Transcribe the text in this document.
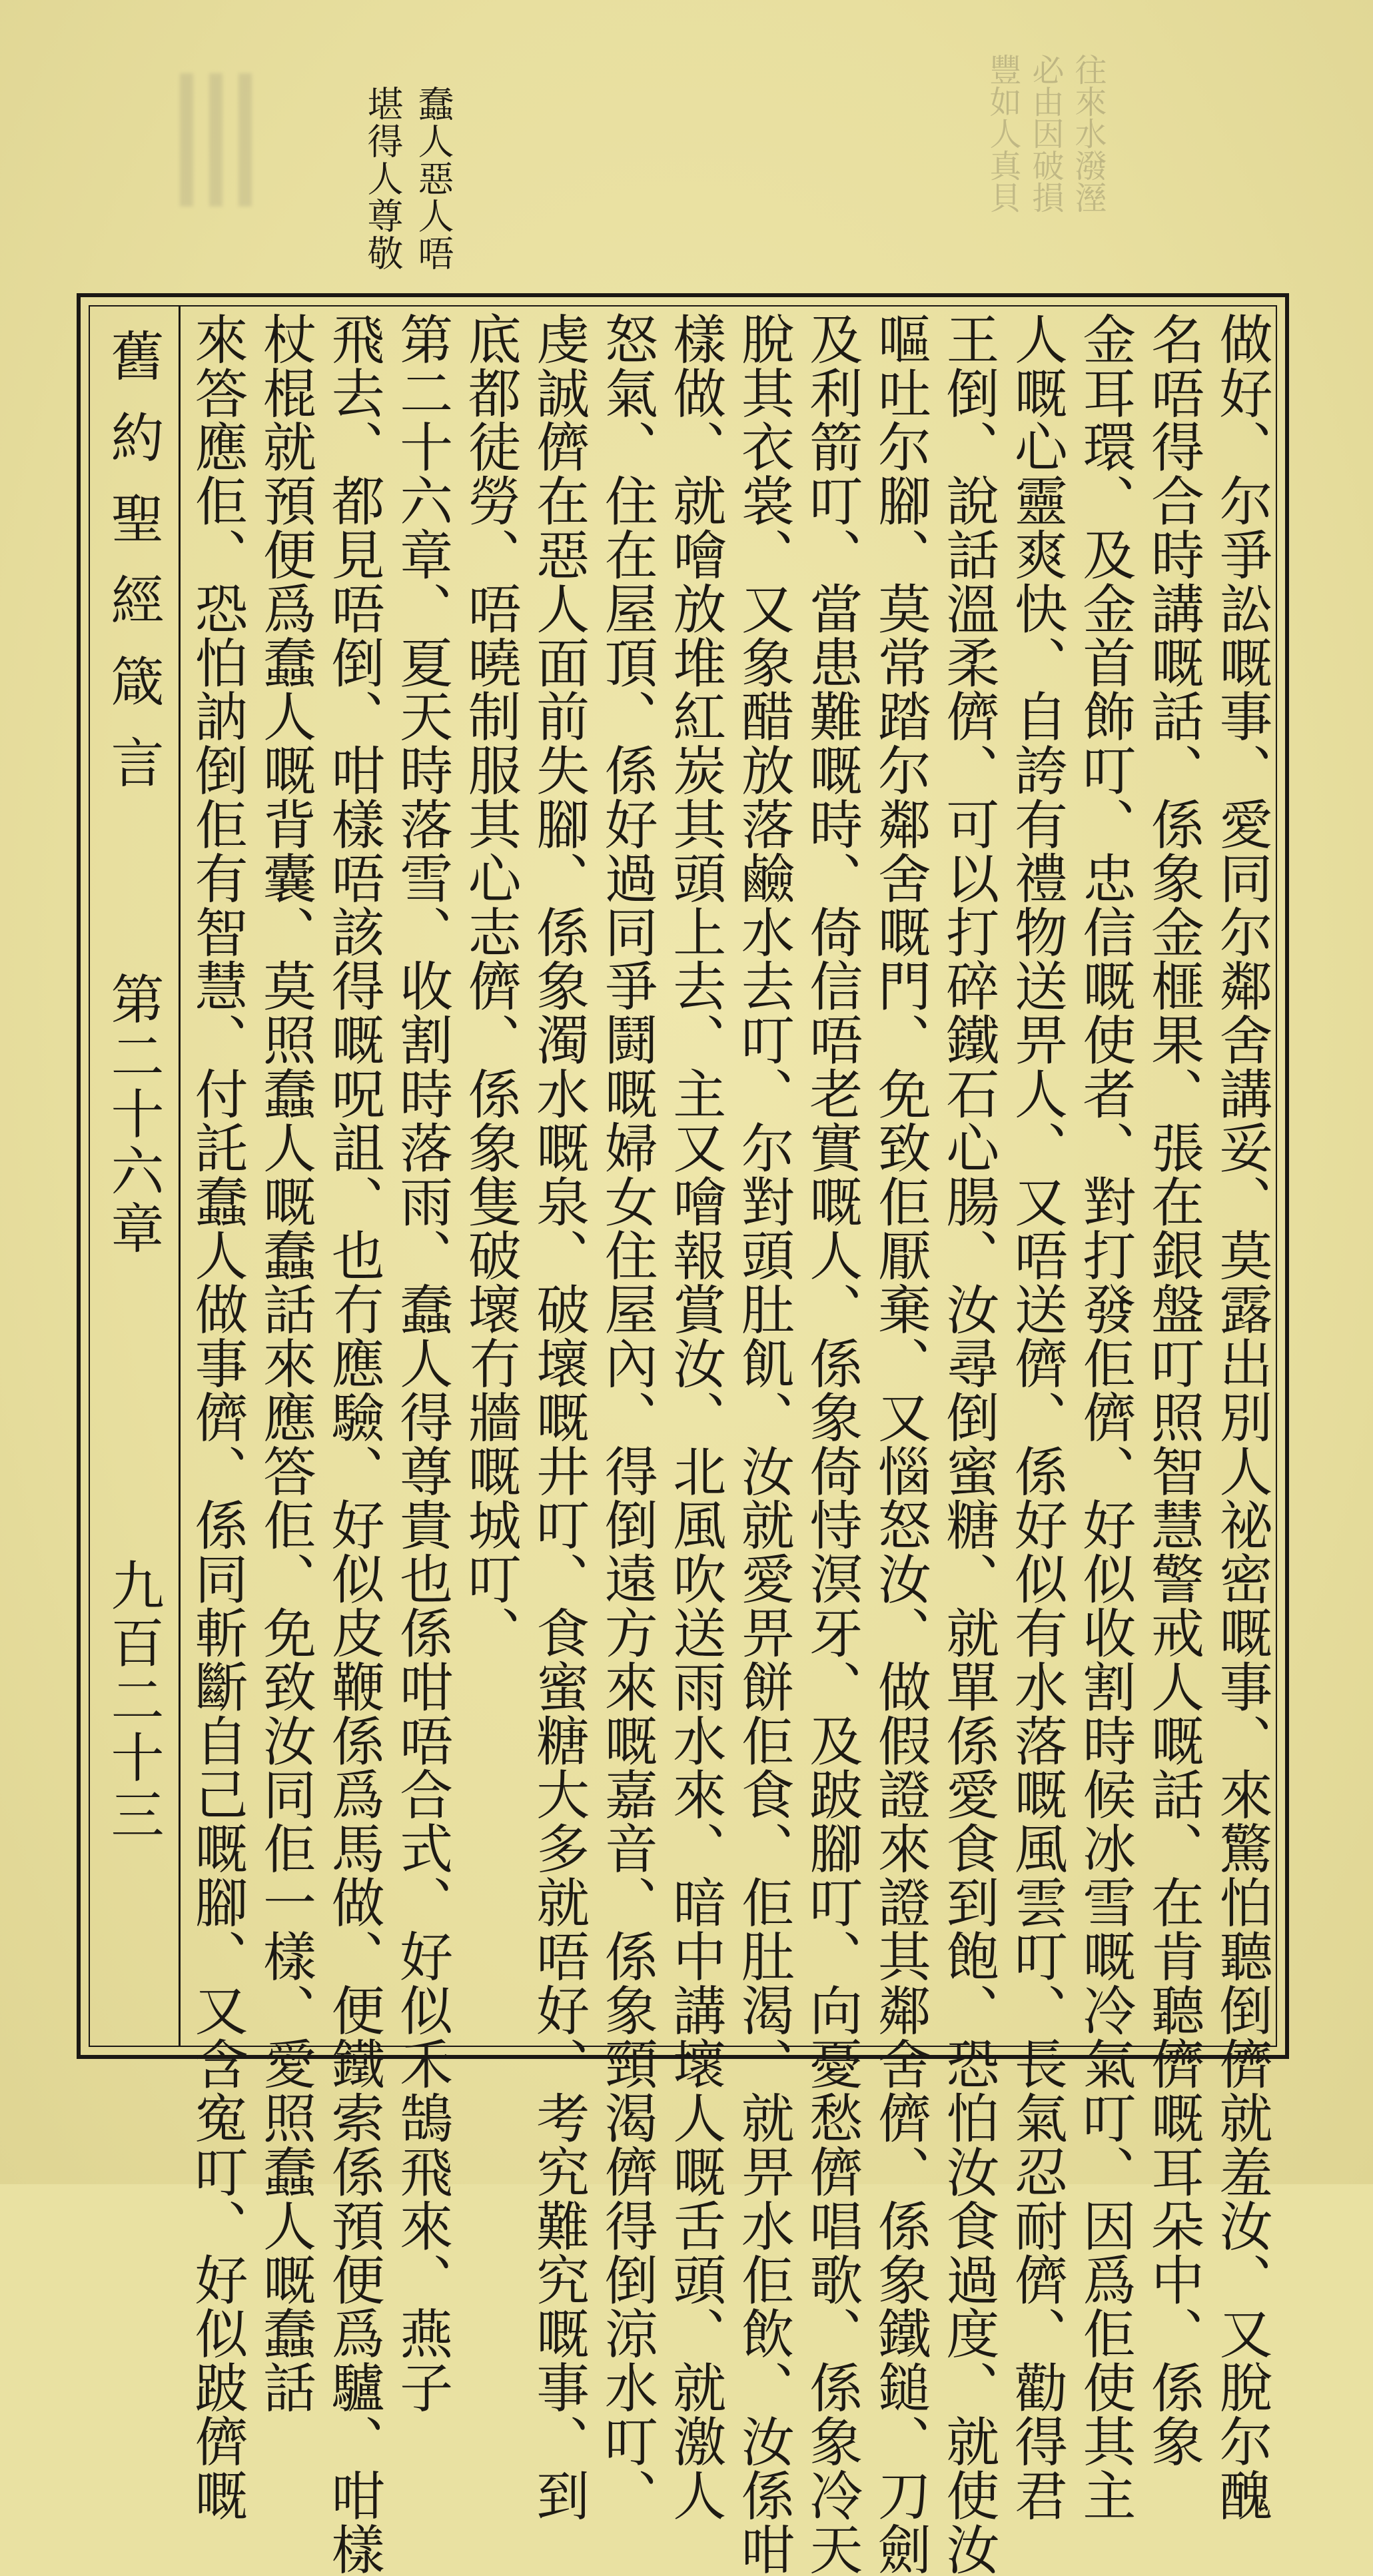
往來水潑溼
必由因破損
豐如人真貝
蠢人惡人唔
堪得人尊敬
舊約聖經箴言
第二十六章
九百二十三	做好、尔爭訟嘅事、愛同尔鄰舍講妥、莫露出別人祕密嘅事、來驚怕聽倒儕就羞汝、又脫尔醜
名唔得合時講嘅話、係象金榧果、張在銀盤叮照智慧警戒人嘅話、在肯聽儕嘅耳朵中、係象
金耳環、及金首飾叮、忠信嘅使者、對打發佢儕、好似收割時候冰雪嘅冷氣叮、因爲佢使其主
人嘅心靈爽快、自誇有禮物送畀人、又唔送儕、係好似有水落嘅風雲叮、長氣忍耐儕、勸得君
王倒、說話溫柔儕、可以打碎鐵石心腸、汝尋倒蜜糖、就單係愛食到飽、恐怕汝食過度、就使汝
嘔吐尔腳、莫常踏尔鄰舍嘅門、免致佢厭棄、又惱怒汝、做假證來證其鄰舍儕、係象鐵鎚、刀劍
及利箭叮、當患難嘅時、倚信唔老實嘅人、係象倚恃溟牙、及跛腳叮、向憂愁儕唱歌、係象冷天
脫其衣裳、又象醋放落鹼水去叮、尔對頭肚飢、汝就愛畀餅佢食、佢肚渴、就畀水佢飲、汝係咁
樣做、就噲放堆紅炭其頭上去、主又噲報賞汝、北風吹送雨水來、暗中講壞人嘅舌頭、就激人
怒氣、住在屋頂、係好過同爭鬪嘅婦女住屋內、得倒遠方來嘅嘉音、係象頸渴儕得倒涼水叮、
虔誠儕在惡人面前失腳、係象濁水嘅泉、破壞嘅井叮、食蜜糖大多就唔好、考究難究嘅事、到
底都徒勞、唔曉制服其心志儕、係象隻破壞冇牆嘅城叮、
第二十六章、夏天時落雪、收割時落雨、蠢人得尊貴也係咁唔合式、好似禾鵠飛來、燕子
飛去、都見唔倒、咁樣唔該得嘅呪詛、也冇應驗、好似皮鞭係爲馬做、便鐵索係預便爲驢、咁樣
杖棍就預便爲蠢人嘅背囊、莫照蠢人嘅蠢話來應答佢、免致汝同佢一樣、愛照蠢人嘅蠢話
來答應佢、恐怕訥倒佢有智慧、付託蠢人做事儕、係同斬斷自己嘅腳、又含寃叮、好似跛儕嘅
